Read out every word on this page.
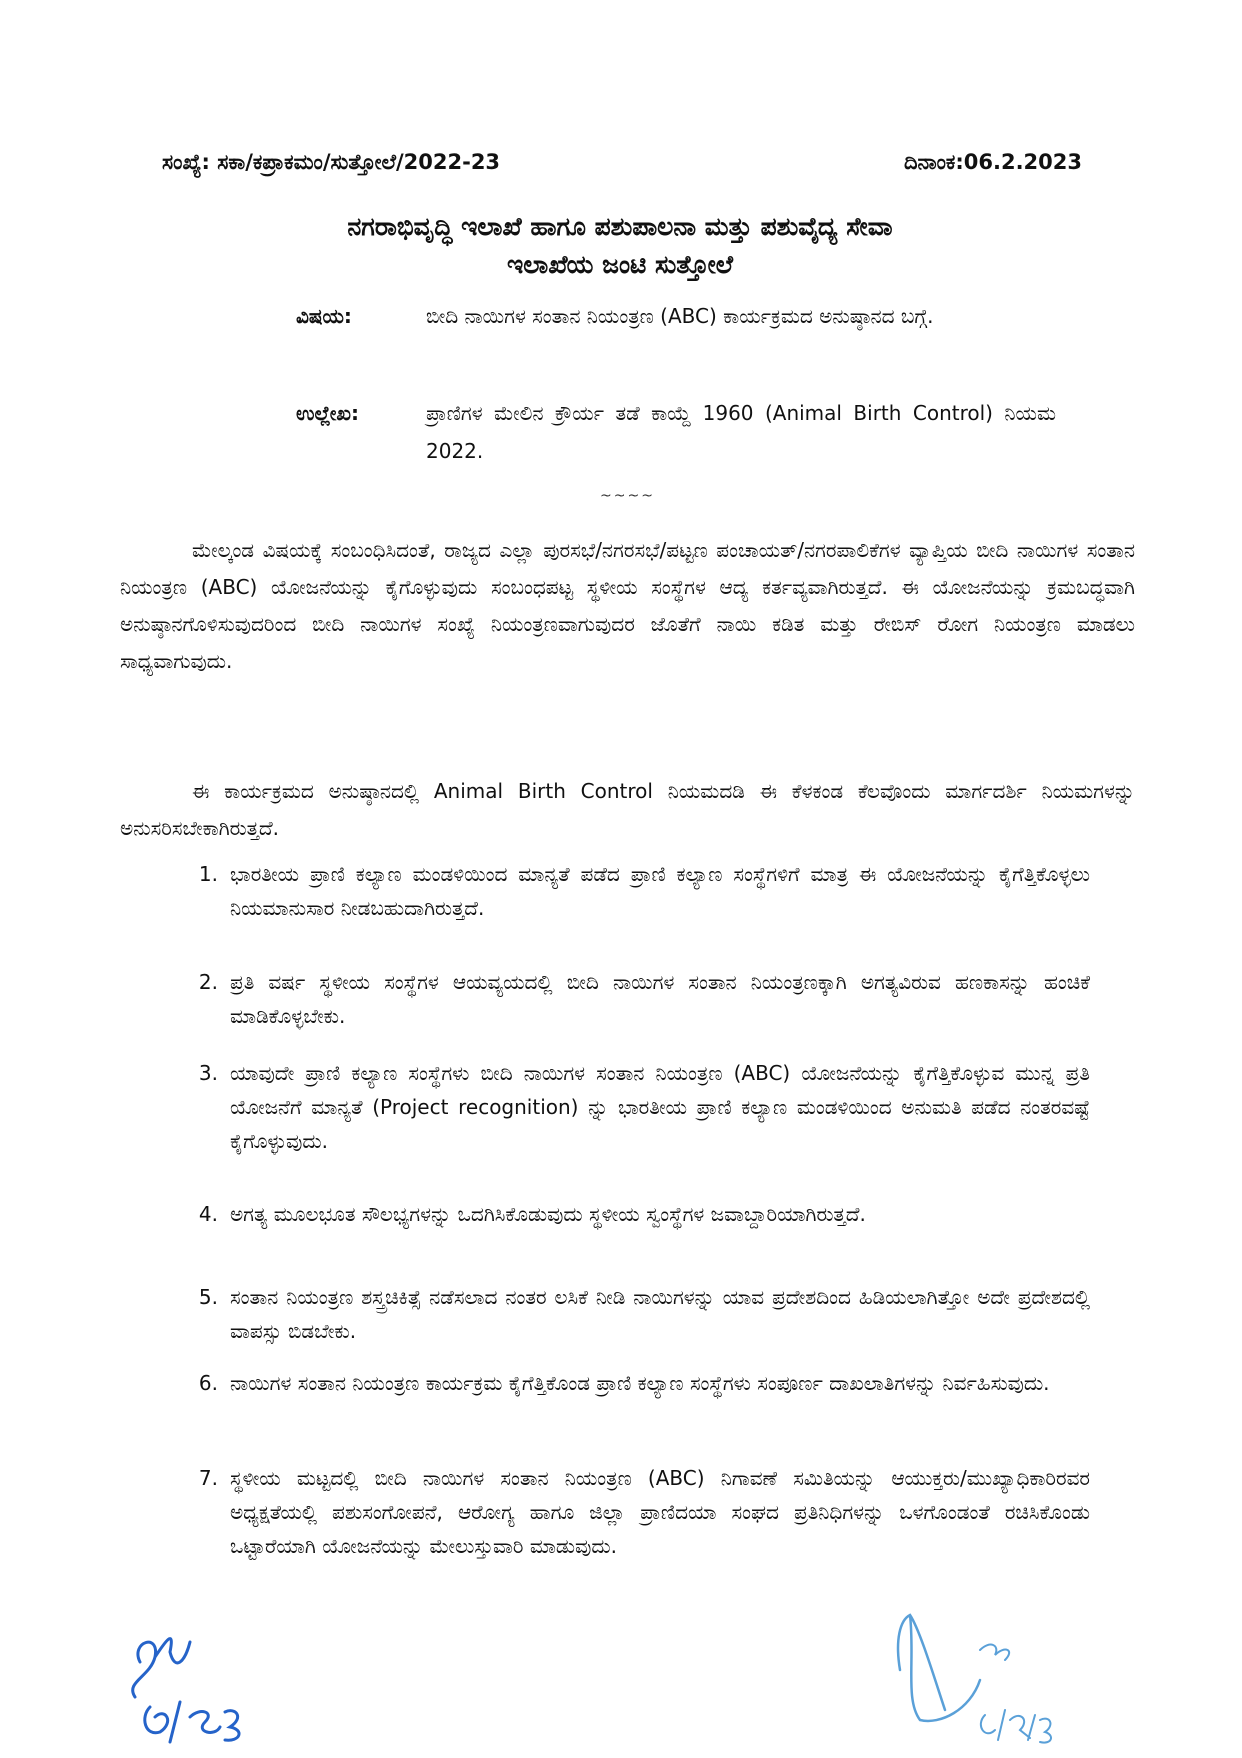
ಸಂಖ್ಯೆ: ಸಕಾ/ಕಪ್ರಾಕಮಂ/ಸುತ್ತೋಲೆ/2022-23	ದಿನಾಂಕ:06.2.2023
ನಗರಾಭಿವೃದ್ಧಿ ಇಲಾಖೆ ಹಾಗೂ ಪಶುಪಾಲನಾ ಮತ್ತು ಪಶುವೈದ್ಯ ಸೇವಾ
ಇಲಾಖೆಯ ಜಂಟಿ ಸುತ್ತೋಲೆ
ವಿಷಯ:	ಬೀದಿ ನಾಯಿಗಳ ಸಂತಾನ ನಿಯಂತ್ರಣ (ABC) ಕಾರ್ಯಕ್ರಮದ ಅನುಷ್ಠಾನದ ಬಗ್ಗೆ.
ಉಲ್ಲೇಖ:	ಪ್ರಾಣಿಗಳ ಮೇಲಿನ ಕ್ರೌರ್ಯ ತಡೆ ಕಾಯ್ದೆ 1960 (Animal Birth Control) ನಿಯಮ 2022.
~~~~
ಮೇಲ್ಕಂಡ ವಿಷಯಕ್ಕೆ ಸಂಬಂಧಿಸಿದಂತೆ, ರಾಜ್ಯದ ಎಲ್ಲಾ ಪುರಸಭೆ/ನಗರಸಭೆ/ಪಟ್ಟಣ ಪಂಚಾಯತ್/ನಗರಪಾಲಿಕೆಗಳ ವ್ಯಾಪ್ತಿಯ ಬೀದಿ ನಾಯಿಗಳ ಸಂತಾನ ನಿಯಂತ್ರಣ (ABC) ಯೋಜನೆಯನ್ನು ಕೈಗೊಳ್ಳುವುದು ಸಂಬಂಧಪಟ್ಟ ಸ್ಥಳೀಯ ಸಂಸ್ಥೆಗಳ ಆದ್ಯ ಕರ್ತವ್ಯವಾಗಿರುತ್ತದೆ. ಈ ಯೋಜನೆಯನ್ನು ಕ್ರಮಬದ್ಧವಾಗಿ ಅನುಷ್ಠಾನಗೊಳಿಸುವುದರಿಂದ ಬೀದಿ ನಾಯಿಗಳ ಸಂಖ್ಯೆ ನಿಯಂತ್ರಣವಾಗುವುದರ ಜೊತೆಗೆ ನಾಯಿ ಕಡಿತ ಮತ್ತು ರೇಬಿಸ್ ರೋಗ ನಿಯಂತ್ರಣ ಮಾಡಲು ಸಾಧ್ಯವಾಗುವುದು.
ಈ ಕಾರ್ಯಕ್ರಮದ ಅನುಷ್ಠಾನದಲ್ಲಿ Animal Birth Control ನಿಯಮದಡಿ ಈ ಕೆಳಕಂಡ ಕೆಲವೊಂದು ಮಾರ್ಗದರ್ಶಿ ನಿಯಮಗಳನ್ನು ಅನುಸರಿಸಬೇಕಾಗಿರುತ್ತದೆ.
1. ಭಾರತೀಯ ಪ್ರಾಣಿ ಕಲ್ಯಾಣ ಮಂಡಳಿಯಿಂದ ಮಾನ್ಯತೆ ಪಡೆದ ಪ್ರಾಣಿ ಕಲ್ಯಾಣ ಸಂಸ್ಥೆಗಳಿಗೆ ಮಾತ್ರ ಈ ಯೋಜನೆಯನ್ನು ಕೈಗೆತ್ತಿಕೊಳ್ಳಲು ನಿಯಮಾನುಸಾರ ನೀಡಬಹುದಾಗಿರುತ್ತದೆ.
2. ಪ್ರತಿ ವರ್ಷ ಸ್ಥಳೀಯ ಸಂಸ್ಥೆಗಳ ಆಯವ್ಯಯದಲ್ಲಿ ಬೀದಿ ನಾಯಿಗಳ ಸಂತಾನ ನಿಯಂತ್ರಣಕ್ಕಾಗಿ ಅಗತ್ಯವಿರುವ ಹಣಕಾಸನ್ನು ಹಂಚಿಕೆ ಮಾಡಿಕೊಳ್ಳಬೇಕು.
3. ಯಾವುದೇ ಪ್ರಾಣಿ ಕಲ್ಯಾಣ ಸಂಸ್ಥೆಗಳು ಬೀದಿ ನಾಯಿಗಳ ಸಂತಾನ ನಿಯಂತ್ರಣ (ABC) ಯೋಜನೆಯನ್ನು ಕೈಗೆತ್ತಿಕೊಳ್ಳುವ ಮುನ್ನ ಪ್ರತಿ ಯೋಜನೆಗೆ ಮಾನ್ಯತೆ (Project recognition) ನ್ನು ಭಾರತೀಯ ಪ್ರಾಣಿ ಕಲ್ಯಾಣ ಮಂಡಳಿಯಿಂದ ಅನುಮತಿ ಪಡೆದ ನಂತರವಷ್ಟೆ ಕೈಗೊಳ್ಳುವುದು.
4. ಅಗತ್ಯ ಮೂಲಭೂತ ಸೌಲಭ್ಯಗಳನ್ನು ಒದಗಿಸಿಕೊಡುವುದು ಸ್ಥಳೀಯ ಸ್ವಂಸ್ಥೆಗಳ ಜವಾಬ್ದಾರಿಯಾಗಿರುತ್ತದೆ.
5. ಸಂತಾನ ನಿಯಂತ್ರಣ ಶಸ್ತ್ರಚಿಕಿತ್ಸೆ ನಡೆಸಲಾದ ನಂತರ ಲಸಿಕೆ ನೀಡಿ ನಾಯಿಗಳನ್ನು ಯಾವ ಪ್ರದೇಶದಿಂದ ಹಿಡಿಯಲಾಗಿತ್ತೋ ಅದೇ ಪ್ರದೇಶದಲ್ಲಿ ವಾಪಸ್ಸು ಬಿಡಬೇಕು.
6. ನಾಯಿಗಳ ಸಂತಾನ ನಿಯಂತ್ರಣ ಕಾರ್ಯಕ್ರಮ ಕೈಗೆತ್ತಿಕೊಂಡ ಪ್ರಾಣಿ ಕಲ್ಯಾಣ ಸಂಸ್ಥೆಗಳು ಸಂಪೂರ್ಣ ದಾಖಲಾತಿಗಳನ್ನು ನಿರ್ವಹಿಸುವುದು.
7. ಸ್ಥಳೀಯ ಮಟ್ಟದಲ್ಲಿ ಬೀದಿ ನಾಯಿಗಳ ಸಂತಾನ ನಿಯಂತ್ರಣ (ABC) ನಿಗಾವಣೆ ಸಮಿತಿಯನ್ನು ಆಯುಕ್ತರು/ಮುಖ್ಯಾಧಿಕಾರಿರವರ ಅಧ್ಯಕ್ಷತೆಯಲ್ಲಿ ಪಶುಸಂಗೋಪನೆ, ಆರೋಗ್ಯ ಹಾಗೂ ಜಿಲ್ಲಾ ಪ್ರಾಣಿದಯಾ ಸಂಘದ ಪ್ರತಿನಿಧಿಗಳನ್ನು ಒಳಗೊಂಡಂತೆ ರಚಿಸಿಕೊಂಡು ಒಟ್ಟಾರೆಯಾಗಿ ಯೋಜನೆಯನ್ನು ಮೇಲುಸ್ತುವಾರಿ ಮಾಡುವುದು.
